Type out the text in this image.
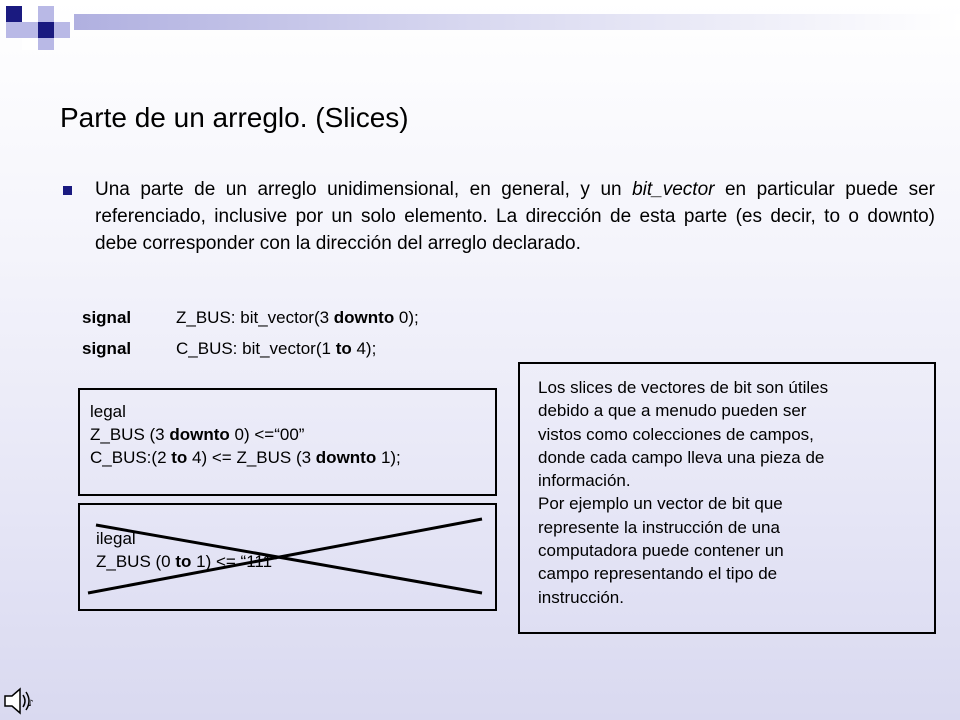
Parte de un arreglo. (Slices)

Una parte de un arreglo unidimensional, en general, y un bit_vector en particular puede ser referenciado, inclusive por un solo elemento. La dirección de esta parte (es decir, to o downto) debe corresponder con la dirección del arreglo declarado.

signal	Z_BUS: bit_vector(3 downto 0);
signal	C_BUS: bit_vector(1 to 4);
legal
Z_BUS (3 downto 0) <=“00”
C_BUS:(2 to 4) <= Z_BUS (3 downto 1);
ilegal
Z_BUS (0 to 1) <= “111”
Los slices de vectores de bit son útiles
debido a que a menudo pueden ser
vistos como colecciones de campos,
donde cada campo lleva una pieza de
información.
Por ejemplo un vector de bit que
represente la instrucción de una
computadora puede contener un
campo representando el tipo de
instrucción.
♪
